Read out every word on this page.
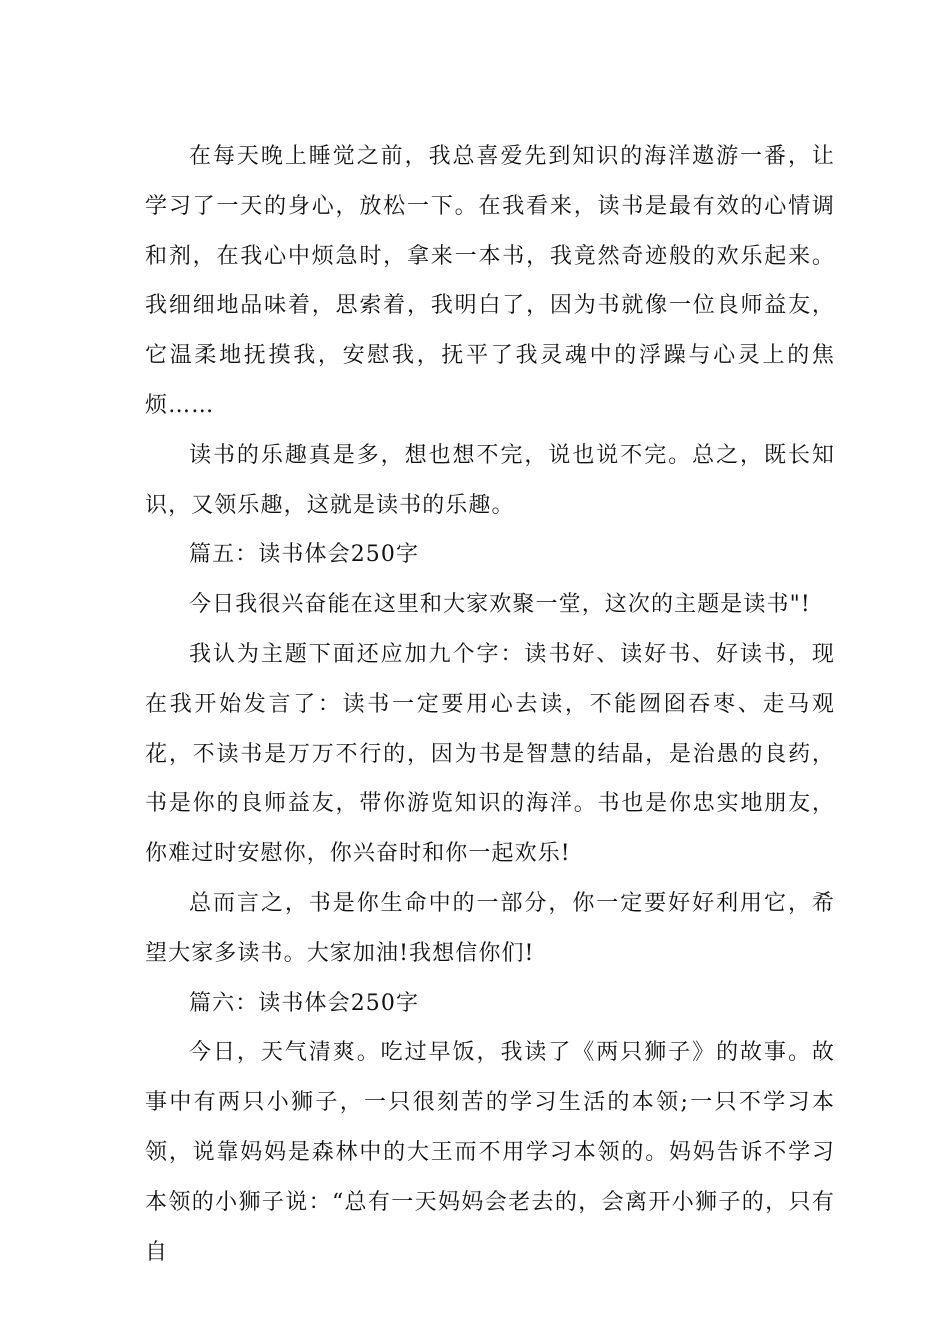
在每天晚上睡觉之前，我总喜爱先到知识的海洋遨游一番，让学习了一天的身心，放松一下。在我看来，读书是最有效的心情调和剂，在我心中烦急时，拿来一本书，我竟然奇迹般的欢乐起来。我细细地品味着，思索着，我明白了，因为书就像一位良师益友，它温柔地抚摸我，安慰我，抚平了我灵魂中的浮躁与心灵上的焦烦……

读书的乐趣真是多，想也想不完，说也说不完。总之，既长知识，又领乐趣，这就是读书的乐趣。

篇五：读书体会250字

今日我很兴奋能在这里和大家欢聚一堂，这次的主题是读书"!

我认为主题下面还应加九个字：读书好、读好书、好读书，现在我开始发言了：读书一定要用心去读，不能囫囵吞枣、走马观花，不读书是万万不行的，因为书是智慧的结晶，是治愚的良药，书是你的良师益友，带你游览知识的海洋。书也是你忠实地朋友，你难过时安慰你，你兴奋时和你一起欢乐!

总而言之，书是你生命中的一部分，你一定要好好利用它，希望大家多读书。大家加油!我想信你们!

篇六：读书体会250字

今日，天气清爽。吃过早饭，我读了《两只狮子》的故事。故事中有两只小狮子，一只很刻苦的学习生活的本领;一只不学习本领，说靠妈妈是森林中的大王而不用学习本领的。妈妈告诉不学习本领的小狮子说：“总有一天妈妈会老去的，会离开小狮子的，只有自
